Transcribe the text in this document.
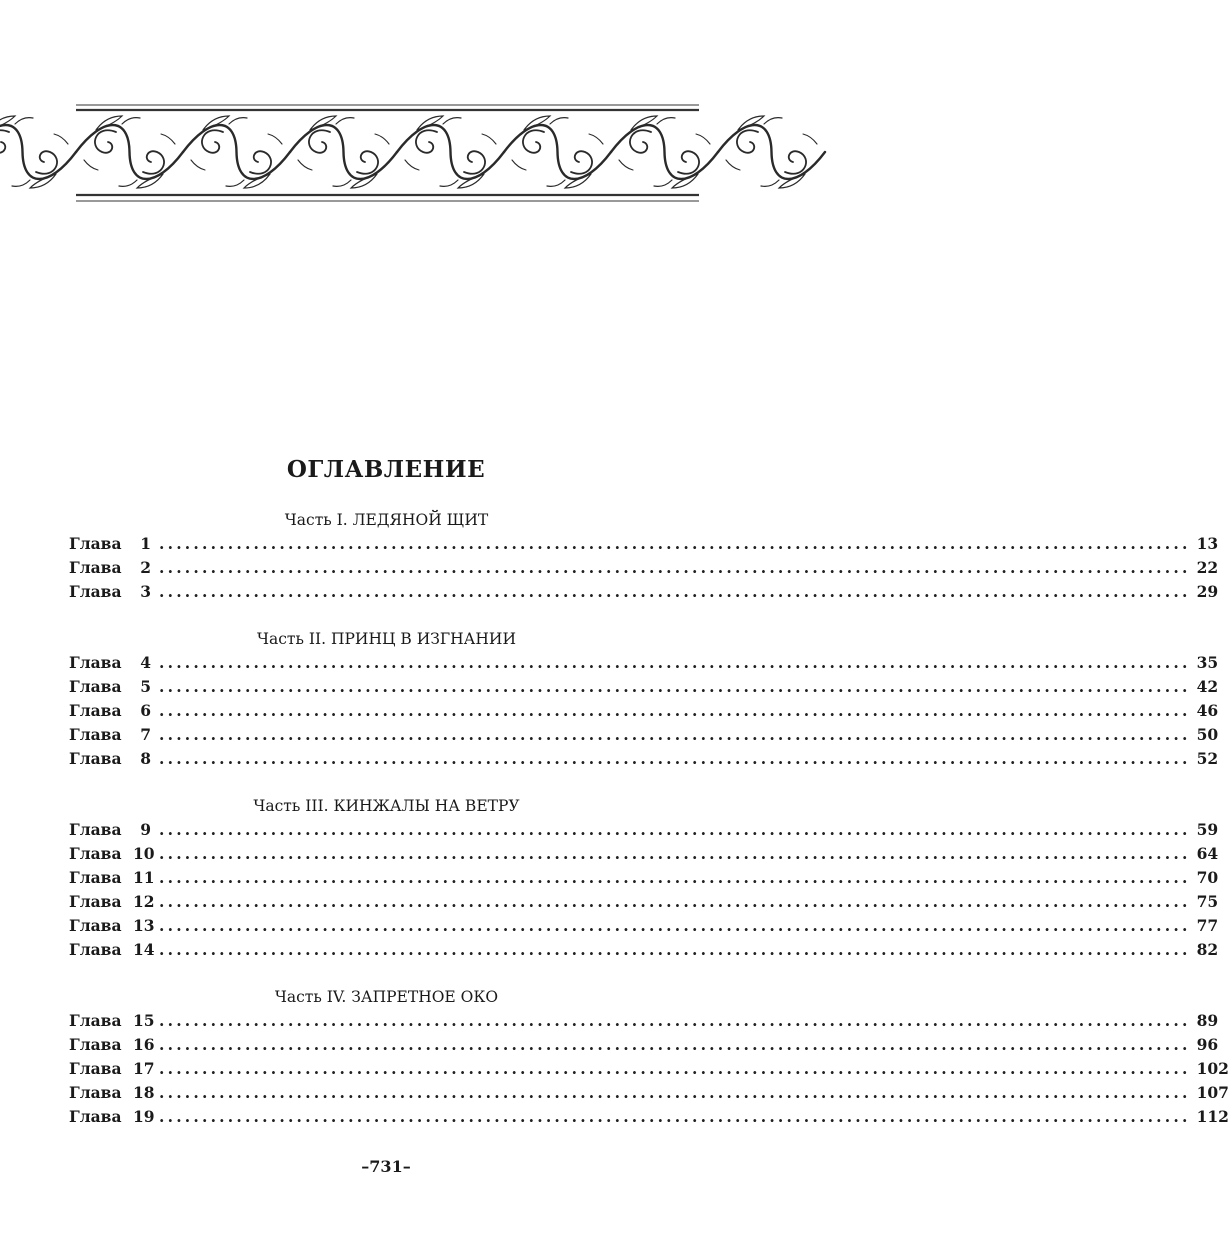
ОГЛАВЛЕНИЕ
Часть I. ЛЕДЯНОЙ ЩИТ
Глава 1 ........................................................................................................................ 13
Глава 2 ........................................................................................................................ 22
Глава 3 ........................................................................................................................ 29
Часть II. ПРИНЦ В ИЗГНАНИИ
Глава 4 ........................................................................................................................ 35
Глава 5 ........................................................................................................................ 42
Глава 6 ........................................................................................................................ 46
Глава 7 ........................................................................................................................ 50
Глава 8 ........................................................................................................................ 52
Часть III. КИНЖАЛЫ НА ВЕТРУ
Глава 9 ........................................................................................................................ 59
Глава 10 ........................................................................................................................ 64
Глава 11 ........................................................................................................................ 70
Глава 12 ........................................................................................................................ 75
Глава 13 ........................................................................................................................ 77
Глава 14 ........................................................................................................................ 82
Часть IV. ЗАПРЕТНОЕ ОКО
Глава 15 ........................................................................................................................ 89
Глава 16 ........................................................................................................................ 96
Глава 17 ........................................................................................................................ 102
Глава 18 ........................................................................................................................ 107
Глава 19 ........................................................................................................................ 112
–731–
